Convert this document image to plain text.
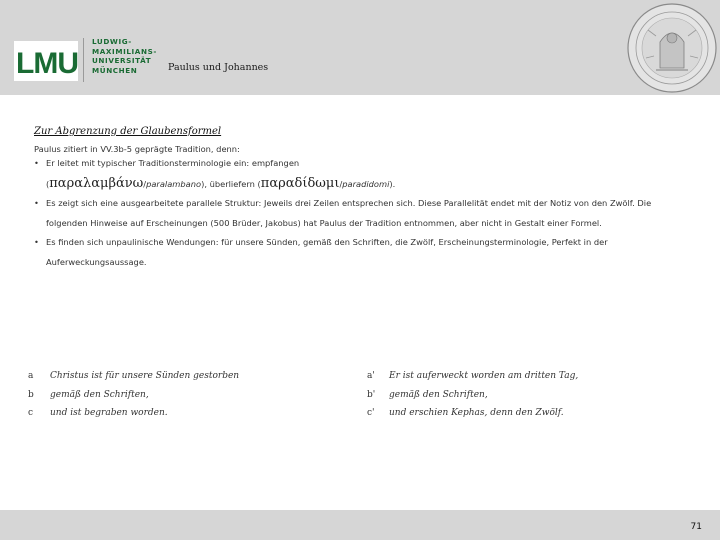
LMU
LUDWIG-
MAXIMILIANS-
UNIVERSITÄT
MÜNCHEN	Paulus und Johannes
Zur Abgrenzung der Glaubensformel
Paulus zitiert in VV.3b-5 geprägte Tradition, denn:
• Er leitet mit typischer Traditionsterminologie ein: empfangen
(παραλαμβάνω/paralambano), überliefern (παραδίδωμι/paradidomi).
• Es zeigt sich eine ausgearbeitete parallele Struktur: Jeweils drei Zeilen entsprechen sich. Diese Parallelität endet mit der Notiz von den Zwölf. Die folgenden Hinweise auf Erscheinungen (500 Brüder, Jakobus) hat Paulus der Tradition entnommen, aber nicht in Gestalt einer Formel.
• Es finden sich unpaulinische Wendungen: für unsere Sünden, gemäß den Schriften, die Zwölf, Erscheinungsterminologie, Perfekt in der Auferweckungsaussage.
a Christus ist für unsere Sünden gestorben
b gemäß den Schriften,
c und ist begraben worden.
a' Er ist auferweckt worden am dritten Tag,
b' gemäß den Schriften,
c' und erschien Kephas, denn den Zwölf.
71
